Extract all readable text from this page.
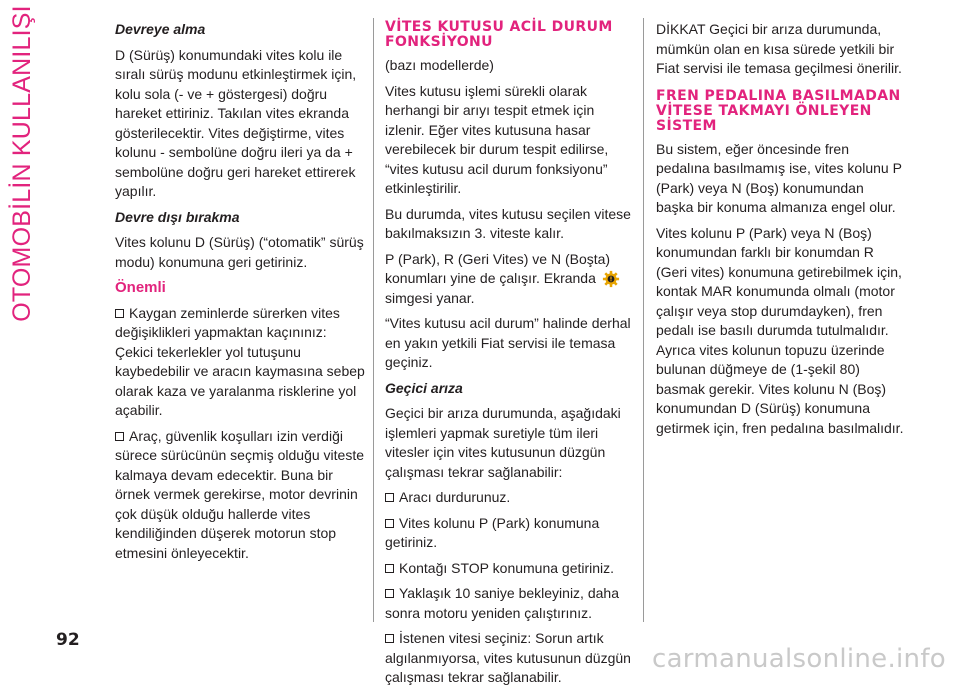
OTOMOBİLİN KULLANILIŞI	Devreye alma

D (Sürüş) konumundaki vites kolu ile sıralı sürüş modunu etkinleştirmek için, kolu sola (- ve + göstergesi) doğru hareket ettiriniz. Takılan vites ekranda gösterilecektir. Vites değiştirme, vites kolunu - sembolüne doğru ileri ya da + sembolüne doğru geri hareket ettirerek yapılır.

Devre dışı bırakma

Vites kolunu D (Sürüş) (“otomatik” sürüş modu) konumuna geri getiriniz.

Önemli

Kaygan zeminlerde sürerken vites değişiklikleri yapmaktan kaçınınız: Çekici tekerlekler yol tutuşunu kaybedebilir ve aracın kaymasına sebep olarak kaza ve yaralanma risklerine yol açabilir.

Araç, güvenlik koşulları izin verdiği sürece sürücünün seçmiş olduğu viteste kalmaya devam edecektir. Buna bir örnek vermek gerekirse, motor devrinin çok düşük olduğu hallerde vites kendiliğinden düşerek motorun stop etmesini önleyecektir.

VİTES KUTUSU ACİL DURUM FONKSİYONU

(bazı modellerde)

Vites kutusu işlemi sürekli olarak herhangi bir arıyı tespit etmek için izlenir. Eğer vites kutusuna hasar verebilecek bir durum tespit edilirse, “vites kutusu acil durum fonksiyonu” etkinleştirilir.

Bu durumda, vites kutusu seçilen vitese bakılmaksızın 3. viteste kalır.

P (Park), R (Geri Vites) ve N (Boşta) konumları yine de çalışır. Ekranda  simgesi yanar.

“Vites kutusu acil durum” halinde derhal en yakın yetkili Fiat servisi ile temasa geçiniz.

Geçici arıza

Geçici bir arıza durumunda, aşağıdaki işlemleri yapmak suretiyle tüm ileri vitesler için vites kutusunun düzgün çalışması tekrar sağlanabilir:

Aracı durdurunuz.

Vites kolunu P (Park) konumuna getiriniz.

Kontağı STOP konumuna getiriniz.

Yaklaşık 10 saniye bekleyiniz, daha sonra motoru yeniden çalıştırınız.

İstenen vitesi seçiniz: Sorun artık algılanmıyorsa, vites kutusunun düzgün çalışması tekrar sağlanabilir.

DİKKAT Geçici bir arıza durumunda, mümkün olan en kısa sürede yetkili bir Fiat servisi ile temasa geçilmesi önerilir.

FREN PEDALINA BASILMADAN VİTESE TAKMAYI ÖNLEYEN SİSTEM

Bu sistem, eğer öncesinde fren pedalına basılmamış ise, vites kolunu P (Park) veya N (Boş) konumundan başka bir konuma almanıza engel olur.

Vites kolunu P (Park) veya N (Boş) konumundan farklı bir konumdan R (Geri vites) konumuna getirebilmek için, kontak MAR konumunda olmalı (motor çalışır veya stop durumdayken), fren pedalı ise basılı durumda tutulmalıdır. Ayrıca vites kolunun topuzu üzerinde bulunan düğmeye de (1-şekil 80) basmak gerekir. Vites kolunu N (Boş) konumundan D (Sürüş) konumuna getirmek için, fren pedalına basılmalıdır.

92
carmanualsonline.info
